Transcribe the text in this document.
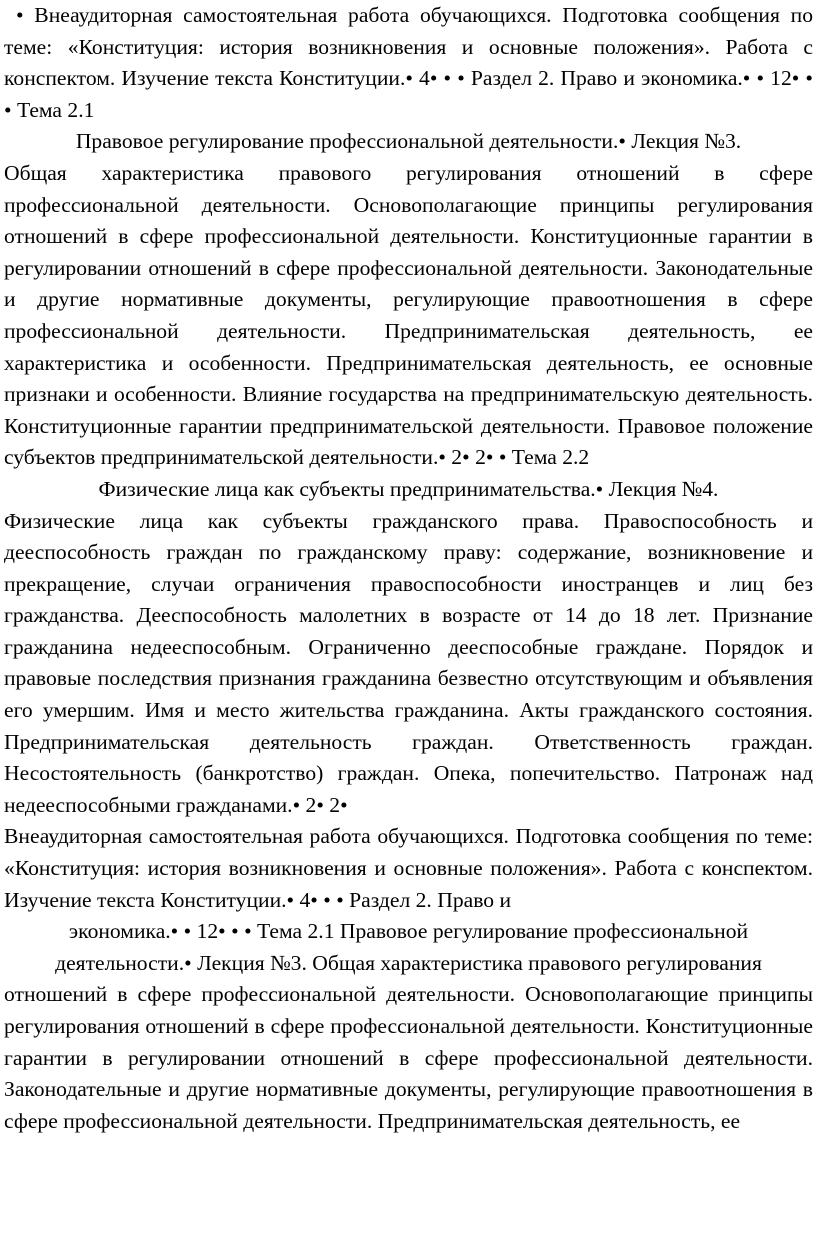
• Внеаудиторная самостоятельная работа обучающихся. Подготовка сообщения по теме: «Конституция: история возникновения и основные положения». Работа с конспектом. Изучение текста Конституции.• 4• • • Раздел 2. Право и экономика.• • 12• • • Тема 2.1

Правовое регулирование профессиональной деятельности.• Лекция №3.

Общая характеристика правового регулирования отношений в сфере профессиональной деятельности. Основополагающие принципы регулирования отношений в сфере профессиональной деятельности. Конституционные гарантии в регулировании отношений в сфере профессиональной деятельности. Законодательные и другие нормативные документы, регулирующие правоотношения в сфере профессиональной деятельности. Предпринимательская деятельность, ее характеристика и особенности. Предпринимательская деятельность, ее основные признаки и особенности. Влияние государства на предпринимательскую деятельность. Конституционные гарантии предпринимательской деятельности. Правовое положение субъектов предпринимательской деятельности.• 2• 2• • Тема 2.2

Физические лица как субъекты предпринимательства.• Лекция №4.

Физические лица как субъекты гражданского права. Правоспособность и дееспособность граждан по гражданскому праву: содержание, возникновение и прекращение, случаи ограничения правоспособности иностранцев и лиц без гражданства. Дееспособность малолетних в возрасте от 14 до 18 лет. Признание гражданина недееспособным. Ограниченно дееспособные граждане. Порядок и правовые последствия признания гражданина безвестно отсутствующим и объявления его умершим. Имя и место жительства гражданина. Акты гражданского состояния. Предпринимательская деятельность граждан. Ответственность граждан. Несостоятельность (банкротство) граждан. Опека, попечительство. Патронаж над недееспособными гражданами.• 2• 2•

Внеаудиторная самостоятельная работа обучающихся. Подготовка сообщения по теме: «Конституция: история возникновения и основные положения». Работа с конспектом. Изучение текста Конституции.• 4• • • Раздел 2. Право и

экономика.• • 12• • • Тема 2.1 Правовое регулирование профессиональной

деятельности.• Лекция №3. Общая характеристика правового регулирования

отношений в сфере профессиональной деятельности. Основополагающие принципы регулирования отношений в сфере профессиональной деятельности. Конституционные гарантии в регулировании отношений в сфере профессиональной деятельности. Законодательные и другие нормативные документы, регулирующие правоотношения в сфере профессиональной деятельности. Предпринимательская деятельность, ее
